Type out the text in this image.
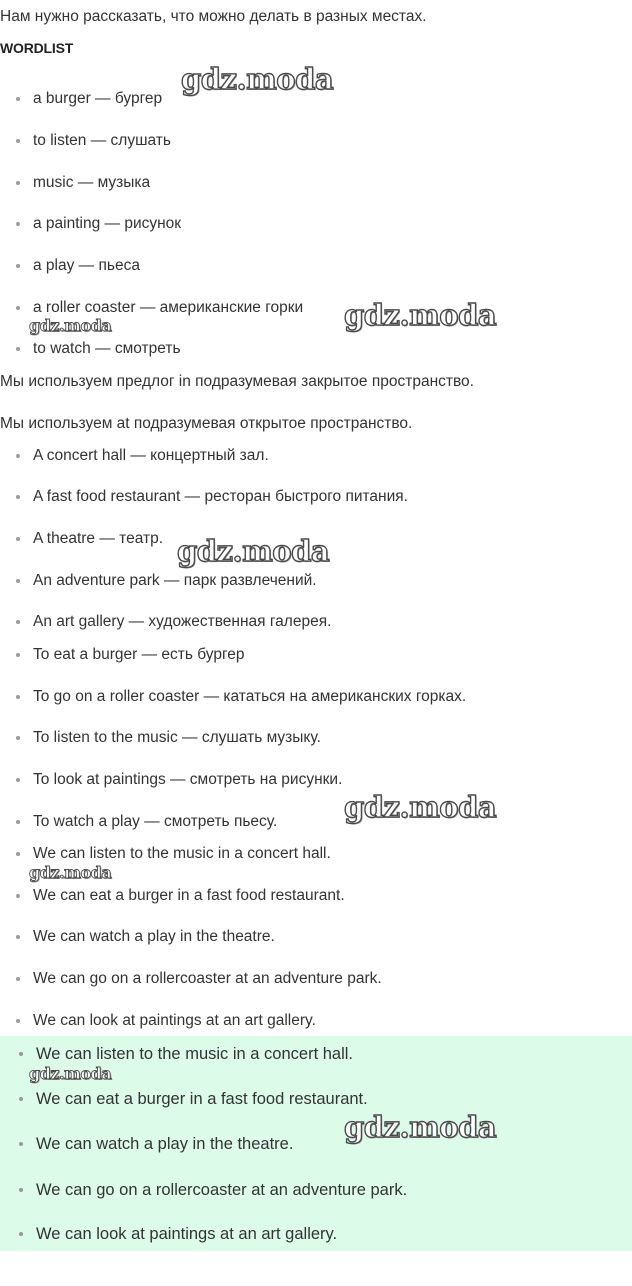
Нам нужно рассказать, что можно делать в разных местах.
WORDLIST
a burger — бургер
to listen — слушать
music — музыка
a painting — рисунок
a play — пьеса
a roller coaster — американские горки
to watch — смотреть
Мы используем предлог in подразумевая закрытое пространство.
Мы используем at подразумевая открытое пространство.
A concert hall — концертный зал.
A fast food restaurant — ресторан быстрого питания.
A theatre — театр.
An adventure park — парк развлечений.
An art gallery — художественная галерея.
To eat a burger — есть бургер
To go on a roller coaster — кататься на американских горках.
To listen to the music — слушать музыку.
To look at paintings — смотреть на рисунки.
To watch a play — смотреть пьесу.
We can listen to the music in a concert hall.
We can eat a burger in a fast food restaurant.
We can watch a play in the theatre.
We can go on a rollercoaster at an adventure park.
We can look at paintings at an art gallery.
We can listen to the music in a concert hall.
We can eat a burger in a fast food restaurant.
We can watch a play in the theatre.
We can go on a rollercoaster at an adventure park.
We can look at paintings at an art gallery.
gdz.moda
gdz.moda
gdz.moda
gdz.moda
gdz.moda
gdz.moda
gdz.moda
gdz.moda
